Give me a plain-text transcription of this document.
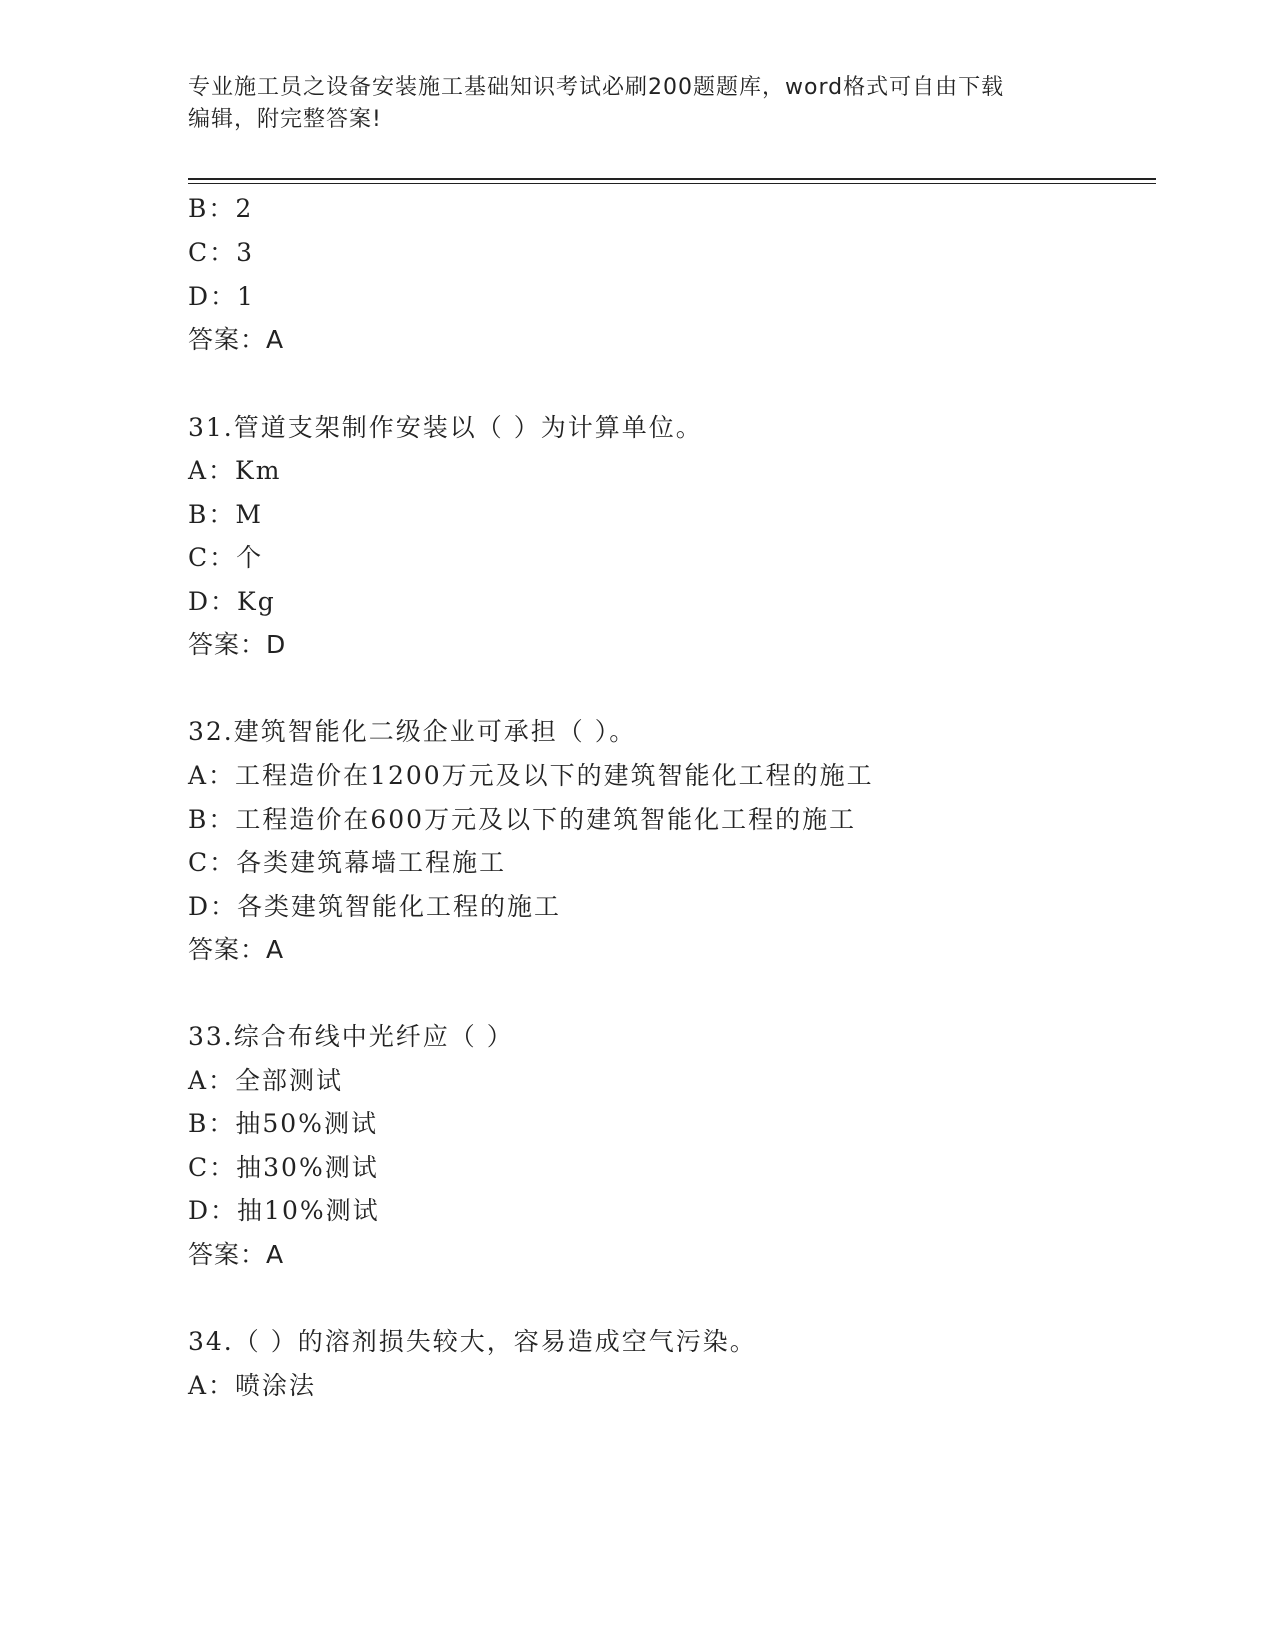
专业施工员之设备安装施工基础知识考试必刷200题题库，word格式可自由下载
编辑，附完整答案!
B：2
C：3
D：1
答案：A
31.管道支架制作安装以（ ）为计算单位。
A：Km
B：M
C：个
D：Kg
答案：D
32.建筑智能化二级企业可承担（ ）。
A：工程造价在1200万元及以下的建筑智能化工程的施工
B：工程造价在600万元及以下的建筑智能化工程的施工
C：各类建筑幕墙工程施工
D：各类建筑智能化工程的施工
答案：A
33.综合布线中光纤应（ ）
A：全部测试
B：抽50%测试
C：抽30%测试
D：抽10%测试
答案：A
34.（ ）的溶剂损失较大，容易造成空气污染。
A：喷涂法
